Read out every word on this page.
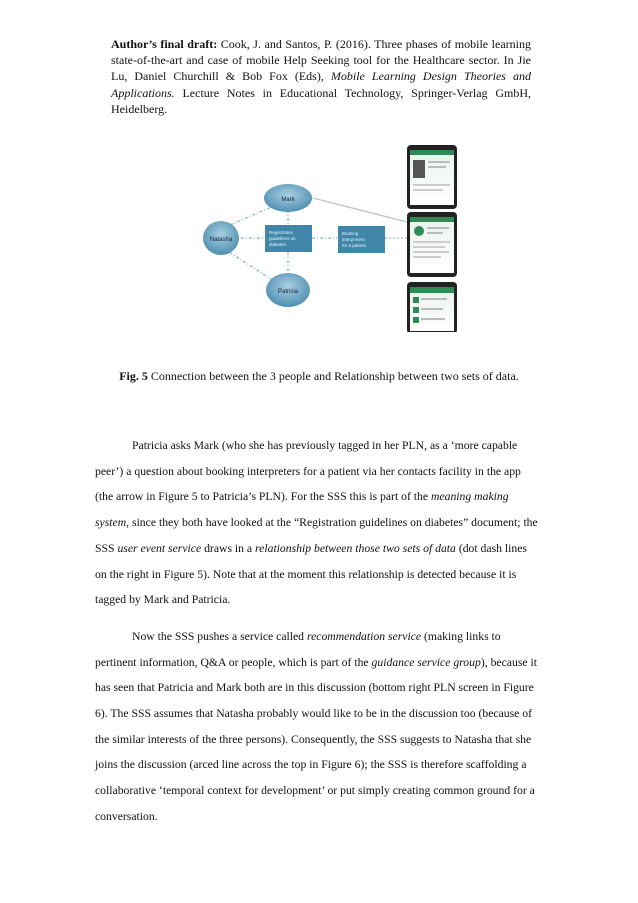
Author’s final draft: Cook, J. and Santos, P. (2016). Three phases of mobile learning state-of-the-art and case of mobile Help Seeking tool for the Healthcare sector. In Jie Lu, Daniel Churchill & Bob Fox (Eds), Mobile Learning Design Theories and Applications. Lecture Notes in Educational Technology, Springer-Verlag GmbH, Heidelberg.
Mark
Natasha
Patricia
Registration
guidelines on
diabetes
Booking
interpreters
for a patient
Fig. 5 Connection between the 3 people and Relationship between two sets of data.

Patricia asks Mark (who she has previously tagged in her PLN, as a ‘more capable peer’) a question about booking interpreters for a patient via her contacts facility in the app (the arrow in Figure 5 to Patricia’s PLN). For the SSS this is part of the meaning making system, since they both have looked at the “Registration guidelines on diabetes” document; the SSS user event service draws in a relationship between those two sets of data (dot dash lines on the right in Figure 5). Note that at the moment this relationship is detected because it is tagged by Mark and Patricia.

Now the SSS pushes a service called recommendation service (making links to pertinent information, Q&A or people, which is part of the guidance service group), because it has seen that Patricia and Mark both are in this discussion (bottom right PLN screen in Figure 6). The SSS assumes that Natasha probably would like to be in the discussion too (because of the similar interests of the three persons). Consequently, the SSS suggests to Natasha that she joins the discussion (arced line across the top in Figure 6); the SSS is therefore scaffolding a collaborative ‘temporal context for development’ or put simply creating common ground for a conversation.
